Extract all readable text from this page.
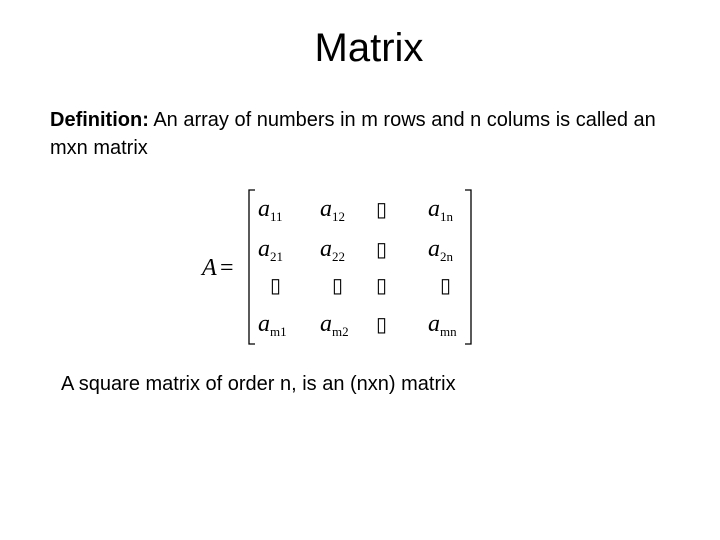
Matrix
Definition: An array of numbers in m rows and n colums is called an mxn matrix
A =
$a_{11}$ $a_{12}$ ▯ $a_{1n}$
$a_{21}$ $a_{22}$ ▯ $a_{2n}$
▯	▯ ▯	▯
$a_{m1}$ $a_{m2}$ ▯ $a_{mn}$
A square matrix of order n, is an (nxn) matrix
